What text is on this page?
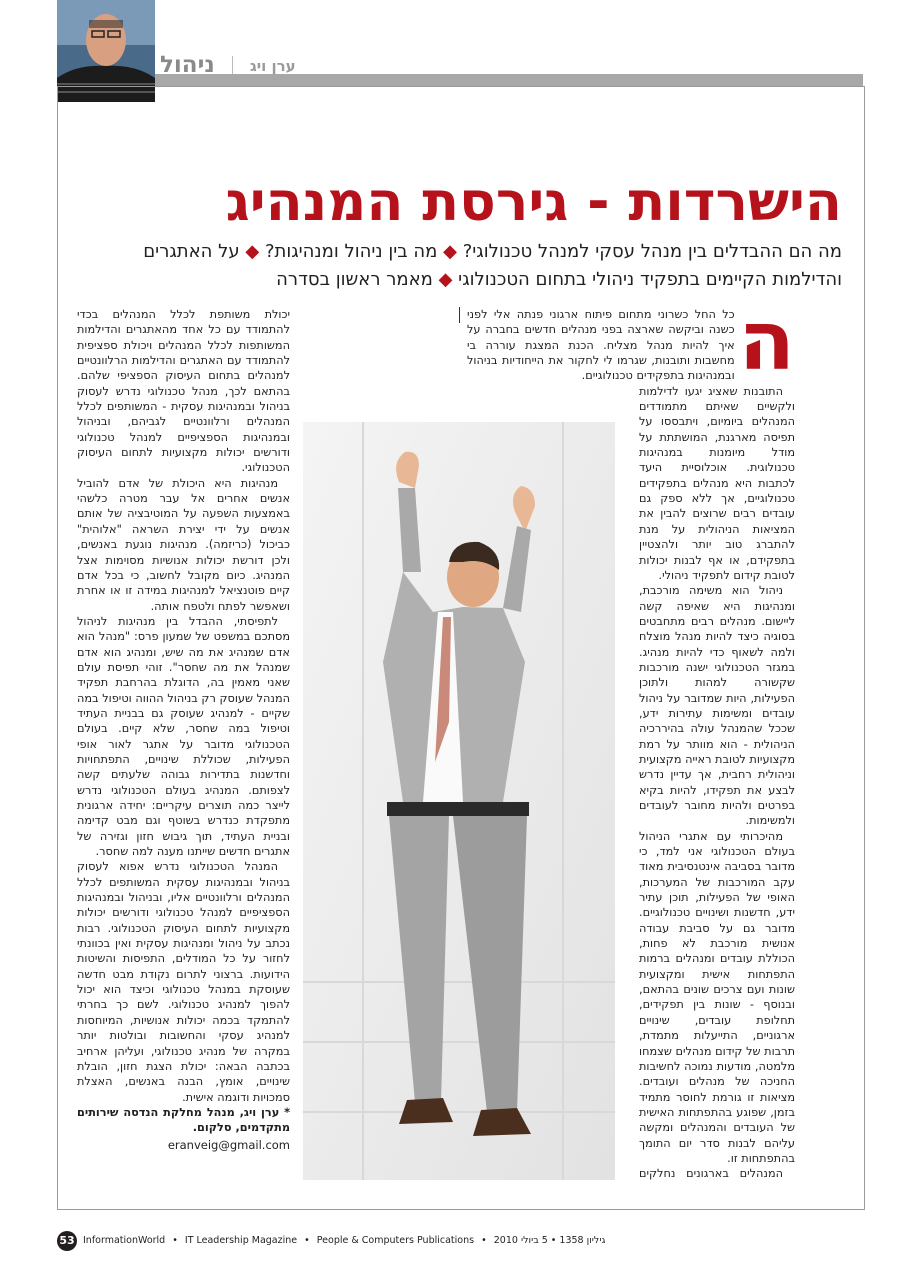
ניהול ערן ויג
הישרדות - גירסת המנהיג
מה הם ההבדלים בין מנהל עסקי למנהל טכנולוגי? ◆ מה בין ניהול ומנהיגות? ◆ על האתגרים והדילמות הקיימים בתפקיד ניהולי בתחום הטכנולוגי ◆ מאמר ראשון בסדרה

ה
כל החל כשרוני מתחום פיתוח ארגוני פנתה אלי לפני כשנה וביקשה שארצה בפני מנהלים חדשים בחברה על איך להיות מנהל מצליח. הכנת המצגת עוררה בי מחשבות ותובנות, שגרמו לי לחקור את הייחודיות בניהול ובמנהיגות בתפקידים טכנולוגיים.

התובנות שאציג יגעו לדילמות ולקשיים שאיתם מתמודדים המנהלים ביומיום, ויתבססו על תפיסה מארגנת, המושתתת על מודל מיומנות במנהיגות טכנולוגית. אוכלוסיית היעד לכתבות היא מנהלים בתפקידים טכנולוגיים, אך ללא ספק גם עובדים רבים שרוצים להבין את המציאות הניהולית על מנת להתברג טוב יותר ולהצטיין בתפקידם, או אף לבנות יכולות לטובת קידום לתפקיד ניהולי.

ניהול הוא משימה מורכבת, ומנהיגות היא שאיפה קשה ליישום. מנהלים רבים מתחבטים בסוגיה כיצד להיות מנהל מוצלח ולמה לשאוף כדי להיות מנהיג. במגזר הטכנולוגי ישנה מורכבות שקשורה למהות ולתוכן הפעילות, היות שמדובר על ניהול עובדים ומשימות עתירות ידע, שככל שהמנהל עולה בהיררכיה הניהולית - הוא מוותר על רמת מקצועיות לטובת ראייה מקצועית וניהולית רחבית, אך עדיין נדרש לבצע את תפקידו, להיות בקיא בפרטים ולהיות מחובר לעובדים ולמשימות.

מהיכרותי עם אתגרי הניהול בעולם הטכנולוגי אני למד, כי מדובר בסביבה אינטנסיבית מאוד עקב המורכבות של המערכות, האופי של הפעילות, תוכן עתיר ידע, חדשנות ושינויים טכנולוגיים. מדובר גם על סביבת עבודה אנושית מורכבת לא פחות, הכוללת עובדים ומנהלים ברמות התפתחות אישית ומקצועית שונות ועם צרכים שונים בהתאם, ובנוסף - שונות בין תפקידים, תחלופת עובדים, שינויים ארגוניים, התייעלות מתמדת, תרבות של קידום מנהלים שצמחו מלמטה, מודעות נמוכה לחשיבות החניכה של מנהלים ועובדים. מציאות זו גורמת לחוסר מתמיד בזמן, שפוגע בהתפתחות האישית של העובדים והמנהלים ומקשה עליהם לבנות סדר יום התומך בהתפתחות זו.

המנהלים בארגונים נחלקים

יכולת משותפת לכלל המנהלים בכדי להתמודד עם כל אחד מהאתגרים והדילמות המשותפות לכלל המנהלים ויכולת ספציפית להתמודד עם האתגרים והדילמות הרלוונטיים למנהלים בתחום העיסוק הספציפי שלהם. בהתאם לכך, מנהל טכנולוגי נדרש לעסוק בניהול ובמנהיגות עסקית - המשותפים לכלל המנהלים ורלוונטיים לגביהם, ובניהול ובמנהיגות הספציפיים למנהל טכנולוגי ודורשים יכולות מקצועיות לתחום העיסוק הטכנולוגי.

מנהיגות היא היכולת של אדם להוביל אנשים אחרים אל עבר מטרה כלשהי באמצעות השפעה על המוטיבציה של אותם אנשים על ידי יצירת השראה "אלוהית" כביכול (כריזמה). מנהיגות נוגעת באנשים, ולכן דורשת יכולות אנושיות מסוימות אצל המנהיג. כיום מקובל לחשוב, כי בכל אדם קיים פוטנציאל למנהיגות במידה זו או אחרת ושאפשר לפתח ולטפח אותה.

לתפיסתי, ההבדל בין מנהיגות לניהול מסתכם במשפט של שמעון פרס: "מנהל הוא אדם שמנהיג את מה שיש, ומנהיג הוא אדם שמנהל את מה שחסר". זוהי תפיסת עולם שאני מאמין בה, הדוגלת בהרחבת תפקיד המנהל שעוסק רק בניהול ההווה וטיפול במה שקיים - למנהיג שעוסק גם בבניית העתיד וטיפול במה שחסר, שלא קיים. בעולם הטכנולוגי מדובר על אתגר לאור אופי הפעילות, שכוללת שינויים, התפתחויות וחדשנות בתדירות גבוהה שלעתים קשה לצפותם. המנהיג בעולם הטכנולוגי נדרש לייצר כמה תוצרים עיקריים: יחידה ארגונית מתפקדת כנדרש בשוטף וגם מבט קדימה ובניית העתיד, תוך גיבוש חזון וגזירה של אתגרים חדשים שייתנו מענה למה שחסר.

המנהל הטכנולוגי נדרש אפוא לעסוק בניהול ובמנהיגות עסקית המשותפים לכלל המנהלים ורלוונטיים אליו, ובניהול ובמנהיגות הספציפיים למנהל טכנולוגי ודורשים יכולות מקצועיות לתחום העיסוק הטכנולוגי. רבות נכתב על ניהול ומנהיגות עסקית ואין בכוונתי לחזור על כל המודלים, התפיסות והשיטות הידועות. ברצוני לתרום נקודת מבט חדשה שעוסקת במנהל טכנולוגי וכיצד הוא יכול להפוך למנהיג טכנולוגי. לשם כך בחרתי להתמקד בכמה יכולות אנושיות, המיוחסות למנהיג עסקי והחשובות ובולטות יותר במקרה של מנהיג טכנולוגי, ועליהן ארחיב בכתבה הבאה: יכולת הצגת חזון, הובלת שינויים, אומץ, הבנה באנשים, האצלת סמכויות ודוגמה אישית.

* ערן ויג, מנהל מחלקת הנדסה שירותים מתקדמים, סלקום.

eranveig@gmail.com
53 InformationWorld • IT Leadership Magazine • People & Computers Publications • גיליון 1358 • 5 ביולי 2010
